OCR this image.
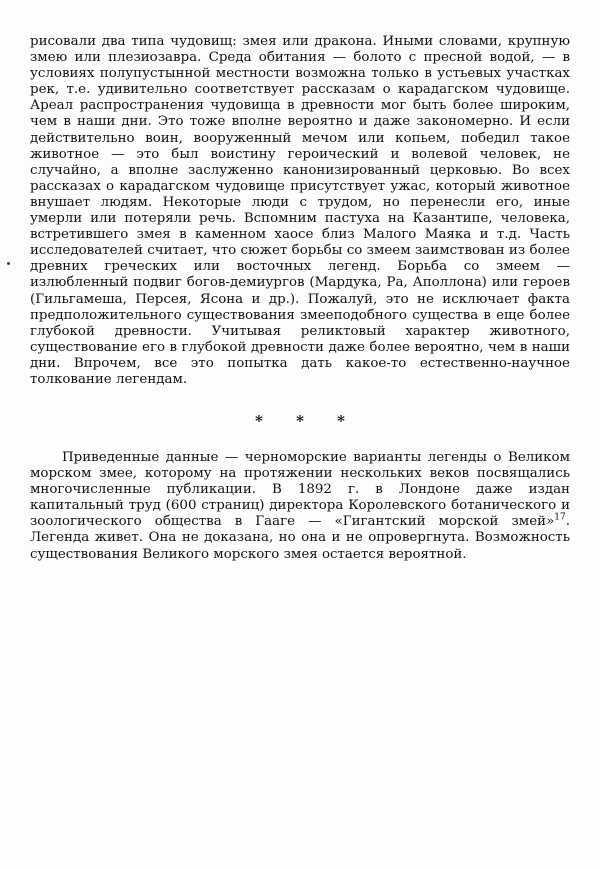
рисовали два типа чудовищ: змея или дракона. Иными словами, крупную змею или плезиозавра. Среда обитания — болото с пресной водой, — в условиях полупустынной местности возможна только в устьевых участках рек, т.е. удивительно соответствует рассказам о карадагском чудовище. Ареал распространения чудовища в древности мог быть более широким, чем в наши дни. Это тоже вполне вероятно и даже закономерно. И если действительно воин, вооруженный мечом или копьем, победил такое животное — это был воистину героический и волевой человек, не случайно, а вполне заслуженно канонизированный церковью. Во всех рассказах о карадагском чудовище присутствует ужас, который животное внушает людям. Некоторые люди с трудом, но перенесли его, иные умерли или потеряли речь. Вспомним пастуха на Казантипе, человека, встретившего змея в каменном хаосе близ Малого Маяка и т.д. Часть исследователей считает, что сюжет борьбы со змеем заимствован из более древних греческих или восточных легенд. Борьба со змеем — излюбленный подвиг богов-демиургов (Мардука, Ра, Аполлона) или героев (Гильгамеша, Персея, Ясона и др.). Пожалуй, это не исключает факта предположительного существования змееподобного существа в еще более глубокой древности. Учитывая реликтовый характер животного, существование его в глубокой древности даже более вероятно, чем в наши дни. Впрочем, все это попытка дать какое-то естественно-научное толкование легендам.
* * *
Приведенные данные — черноморские варианты легенды о Великом морском змее, которому на протяжении нескольких веков посвящались многочисленные публикации. В 1892 г. в Лондоне даже издан капитальный труд (600 страниц) директора Королевского ботанического и зоологического общества в Гааге — «Гигантский морской змей»$^{17}$. Легенда живет. Она не доказана, но она и не опровергнута. Возможность существования Великого морского змея остается вероятной.
